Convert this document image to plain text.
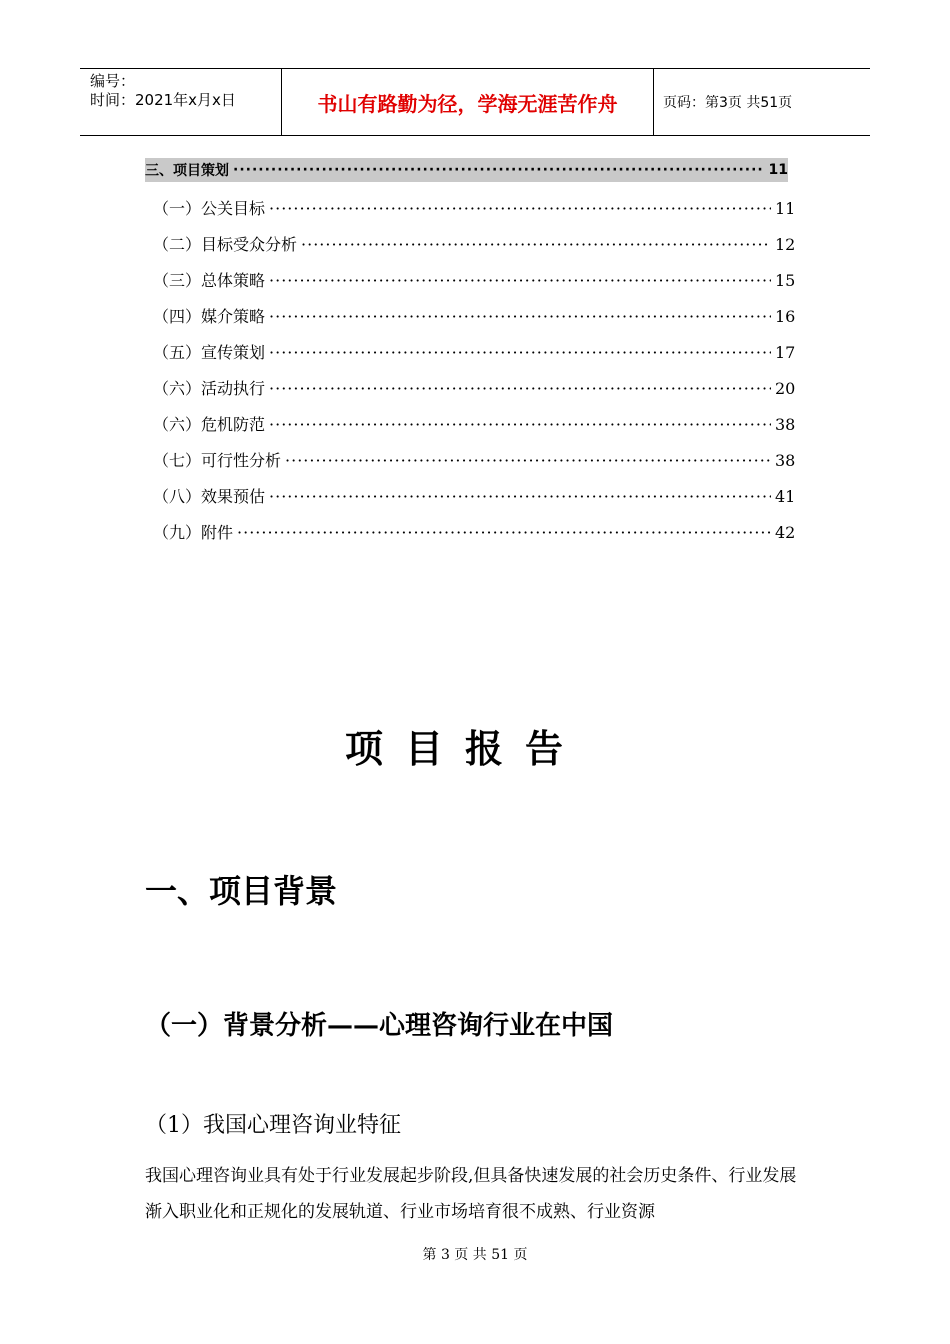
编号：
时间：2021年x月x日	书山有路勤为径，学海无涯苦作舟	页码：第3页 共51页
三、项目策划 ·····	11
（一）公关目标 ·····	11
（二）目标受众分析 ·····	12
（三）总体策略 ·····	15
（四）媒介策略 ·····	16
（五）宣传策划 ·····	17
（六）活动执行 ·····	20
（六）危机防范 ·····	38
（七）可行性分析 ·····	38
（八）效果预估 ·····	41
（九）附件 ·····	42
项目报告
一、项目背景
（一）背景分析——心理咨询行业在中国
（1）我国心理咨询业特征
我国心理咨询业具有处于行业发展起步阶段,但具备快速发展的社会历史条件、行业发展渐入职业化和正规化的发展轨道、行业市场培育很不成熟、行业资源
第 3 页 共 51 页
